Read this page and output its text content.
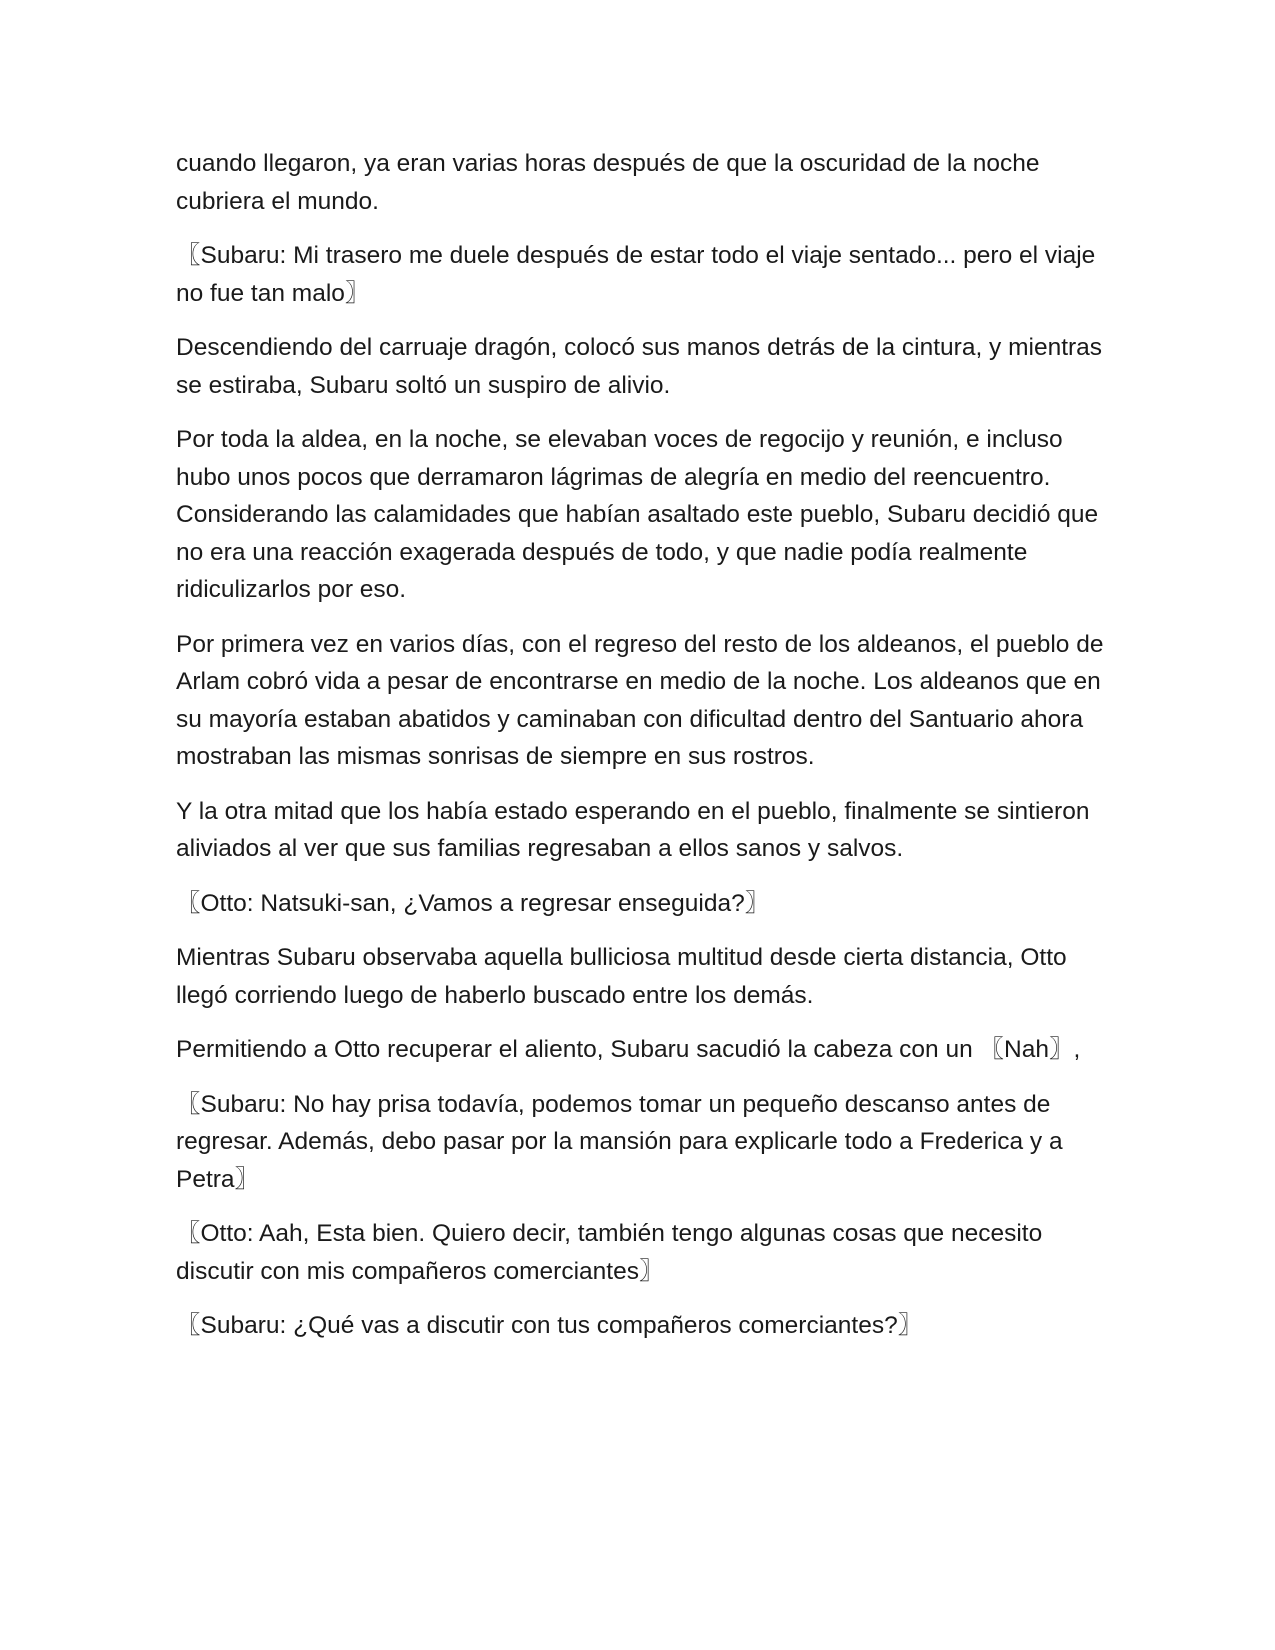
cuando llegaron, ya eran varias horas después de que la oscuridad de la noche cubriera el mundo.

〖Subaru: Mi trasero me duele después de estar todo el viaje sentado... pero el viaje no fue tan malo〗

Descendiendo del carruaje dragón, colocó sus manos detrás de la cintura, y mientras se estiraba, Subaru soltó un suspiro de alivio.

Por toda la aldea, en la noche, se elevaban voces de regocijo y reunión, e incluso hubo unos pocos que derramaron lágrimas de alegría en medio del reencuentro. Considerando las calamidades que habían asaltado este pueblo, Subaru decidió que no era una reacción exagerada después de todo, y que nadie podía realmente ridiculizarlos por eso.

Por primera vez en varios días, con el regreso del resto de los aldeanos, el pueblo de Arlam cobró vida a pesar de encontrarse en medio de la noche. Los aldeanos que en su mayoría estaban abatidos y caminaban con dificultad dentro del Santuario ahora mostraban las mismas sonrisas de siempre en sus rostros.

Y la otra mitad que los había estado esperando en el pueblo, finalmente se sintieron aliviados al ver que sus familias regresaban a ellos sanos y salvos.

〖Otto: Natsuki-san, ¿Vamos a regresar enseguida?〗

Mientras Subaru observaba aquella bulliciosa multitud desde cierta distancia, Otto llegó corriendo luego de haberlo buscado entre los demás.

Permitiendo a Otto recuperar el aliento, Subaru sacudió la cabeza con un 〖Nah〗,

〖Subaru: No hay prisa todavía, podemos tomar un pequeño descanso antes de regresar. Además, debo pasar por la mansión para explicarle todo a Frederica y a Petra〗

〖Otto: Aah, Esta bien. Quiero decir, también tengo algunas cosas que necesito discutir con mis compañeros comerciantes〗

〖Subaru: ¿Qué vas a discutir con tus compañeros comerciantes?〗
